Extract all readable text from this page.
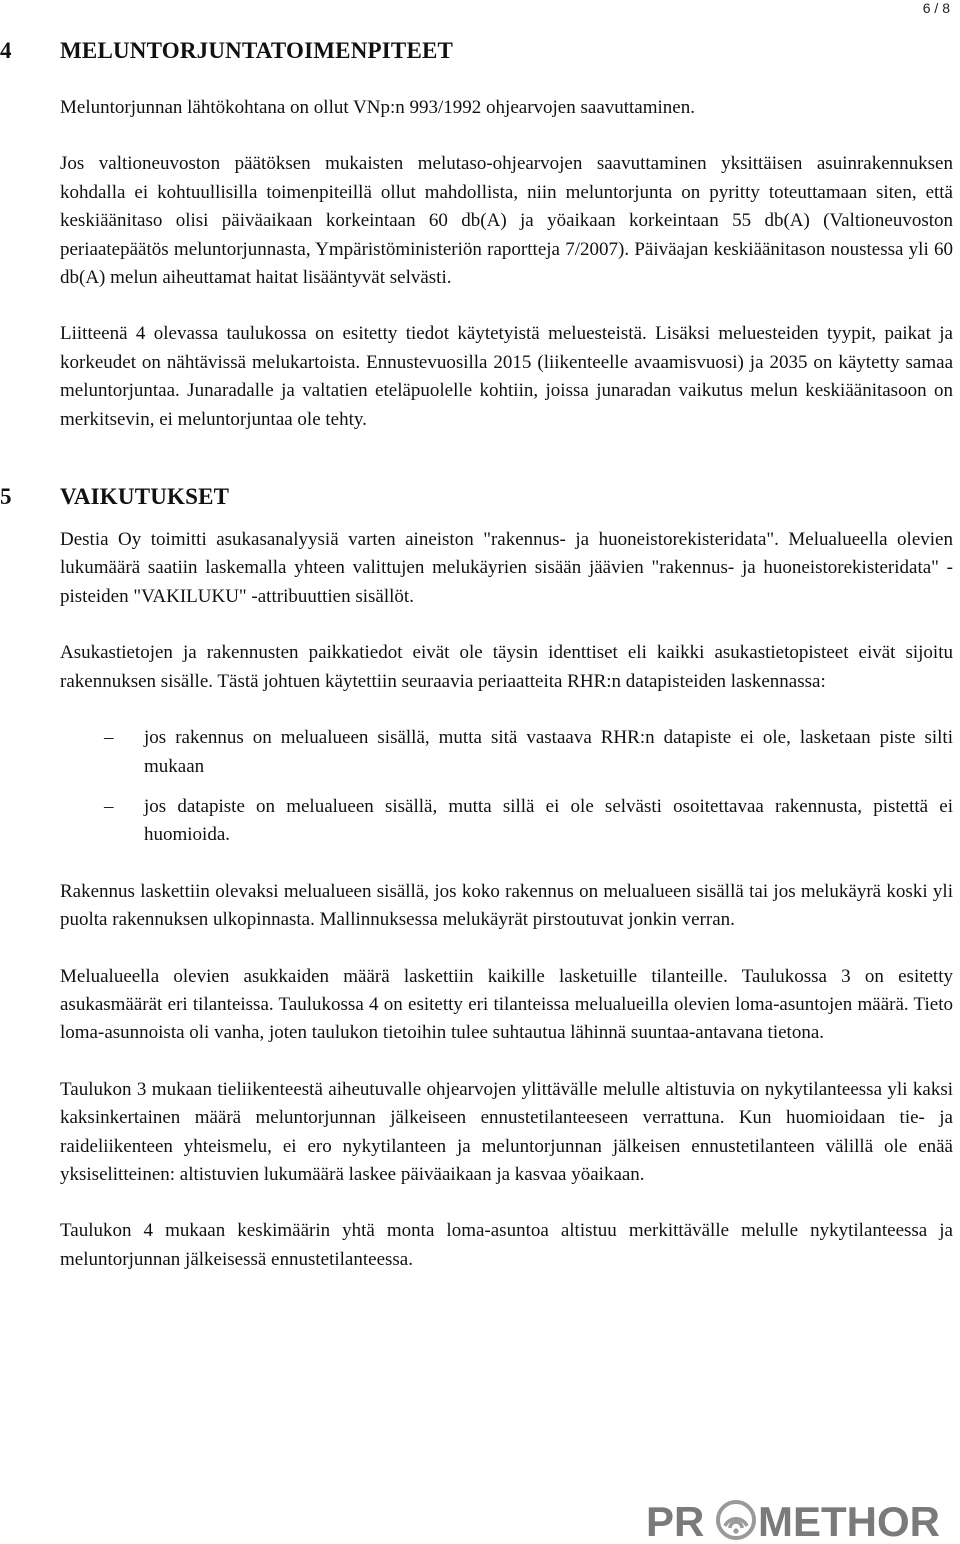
6 / 8
4 MELUNTORJUNTATOIMENPITEET

Meluntorjunnan lähtökohtana on ollut VNp:n 993/1992 ohjearvojen saavuttaminen.

Jos valtioneuvoston päätöksen mukaisten melutaso-ohjearvojen saavuttaminen yksittäisen asuinrakennuksen kohdalla ei kohtuullisilla toimenpiteillä ollut mahdollista, niin meluntorjunta on pyritty toteuttamaan siten, että keskiäänitaso olisi päiväaikaan korkeintaan 60 db(A) ja yöaikaan korkeintaan 55 db(A) (Valtioneuvoston periaatepäätös meluntorjunnasta, Ympäristöministeriön raportteja 7/2007). Päiväajan keskiäänitason noustessa yli 60 db(A) melun aiheuttamat haitat lisääntyvät selvästi.

Liitteenä 4 olevassa taulukossa on esitetty tiedot käytetyistä meluesteistä. Lisäksi meluesteiden tyypit, paikat ja korkeudet on nähtävissä melukartoista. Ennustevuosilla 2015 (liikenteelle avaamisvuosi) ja 2035 on käytetty samaa meluntorjuntaa. Junaradalle ja valtatien eteläpuolelle kohtiin, joissa junaradan vaikutus melun keskiäänitasoon on merkitsevin, ei meluntorjuntaa ole tehty.

5 VAIKUTUKSET

Destia Oy toimitti asukasanalyysiä varten aineiston "rakennus- ja huoneistorekisteridata". Melualueella olevien lukumäärä saatiin laskemalla yhteen valittujen melukäyrien sisään jäävien "rakennus- ja huoneistorekisteridata" -pisteiden "VAKILUKU" -attribuuttien sisällöt.

Asukastietojen ja rakennusten paikkatiedot eivät ole täysin identtiset eli kaikki asukastietopisteet eivät sijoitu rakennuksen sisälle. Tästä johtuen käytettiin seuraavia periaatteita RHR:n datapisteiden laskennassa:

– jos rakennus on melualueen sisällä, mutta sitä vastaava RHR:n datapiste ei ole, lasketaan piste silti mukaan
– jos datapiste on melualueen sisällä, mutta sillä ei ole selvästi osoitettavaa rakennusta, pistettä ei huomioida.

Rakennus laskettiin olevaksi melualueen sisällä, jos koko rakennus on melualueen sisällä tai jos melukäyrä koski yli puolta rakennuksen ulkopinnasta. Mallinnuksessa melukäyrät pirstoutuvat jonkin verran.

Melualueella olevien asukkaiden määrä laskettiin kaikille lasketuille tilanteille. Taulukossa 3 on esitetty asukasmäärät eri tilanteissa. Taulukossa 4 on esitetty eri tilanteissa melualueilla olevien loma-asuntojen määrä. Tieto loma-asunnoista oli vanha, joten taulukon tietoihin tulee suhtautua lähinnä suuntaa-antavana tietona.

Taulukon 3 mukaan tieliikenteestä aiheutuvalle ohjearvojen ylittävälle melulle altistuvia on nykytilanteessa yli kaksi kaksinkertainen määrä meluntorjunnan jälkeiseen ennustetilanteeseen verrattuna. Kun huomioidaan tie- ja raideliikenteen yhteismelu, ei ero nykytilanteen ja meluntorjunnan jälkeisen ennustetilanteen välillä ole enää yksiselitteinen: altistuvien lukumäärä laskee päiväaikaan ja kasvaa yöaikaan.

Taulukon 4 mukaan keskimäärin yhtä monta loma-asuntoa altistuu merkittävälle melulle nykytilanteessa ja meluntorjunnan jälkeisessä ennustetilanteessa.

PR METHOR
